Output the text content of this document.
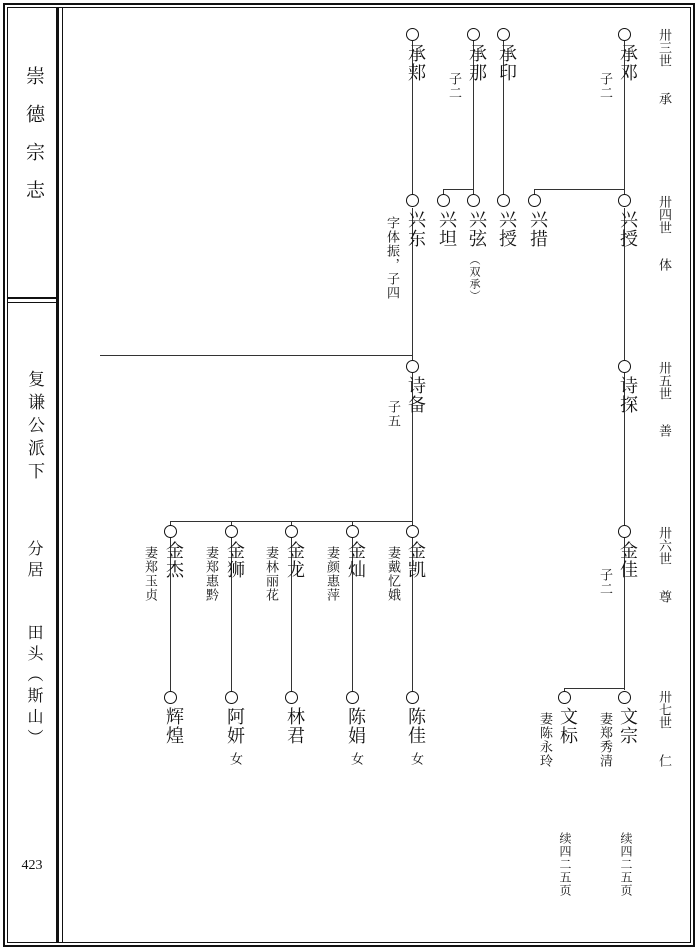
崇德宗志
复谦公派下
分居
田头（斯山）
423
卅三世
承
卅四世
体
卅五世
善
卅六世
尊
卅七世
仁
承邓
子二
承印
承那
子二
承郏
兴授
兴措
兴授
兴弦
（双承）
兴坦
兴东
字体振，子四
诗探
诗备
子五
金佳
子二
金凯
妻戴忆娥
金灿
妻颜惠萍
金龙
妻林丽花
金狮
妻郑惠黔
金杰
妻郑玉贞
文宗
妻郑秀清
续四二五页
文标
妻陈永玲
续四二五页
陈佳
女
陈娟
女
林君
阿妍
女
辉煌
